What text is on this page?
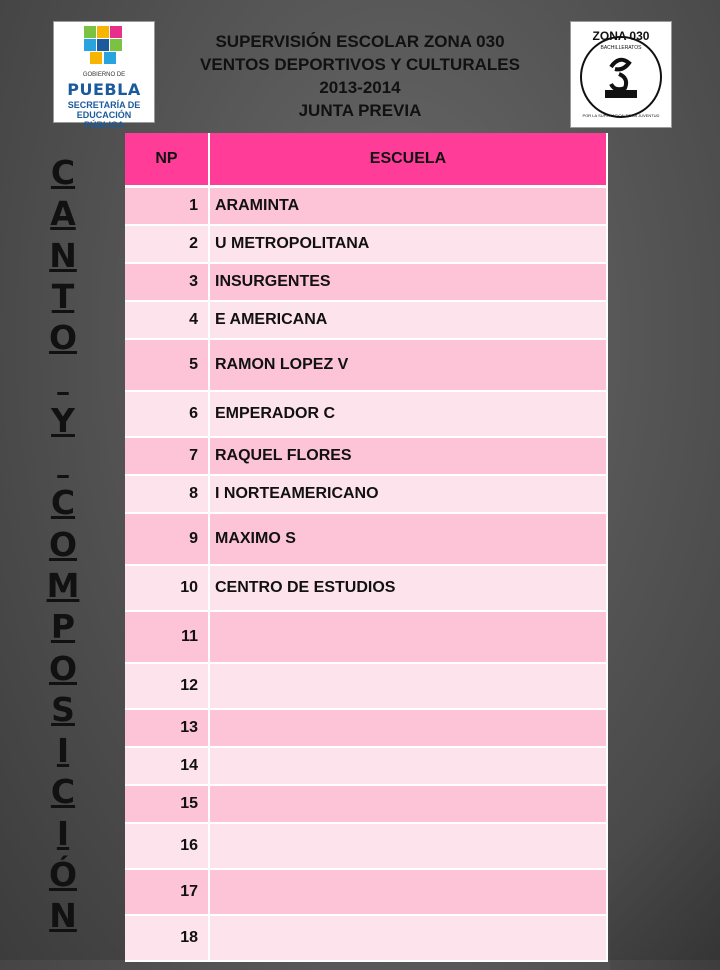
GOBIERNO DE
PUEBLA
SECRETARÍA DE
EDUCACIÓN PÚBLICA
ZONA 030
BACHILLERATOS
POR LA SUPERACION DE LA JUVENTUD
SUPERVISIÓN ESCOLAR ZONA 030
VENTOS DEPORTIVOS Y CULTURALES
2013-2014
JUNTA PREVIA
C
A
N
T
O

Y

C
O
M
P
O
S
I
C
I
Ó
N
NP	ESCUELA
1	ARAMINTA
2	U METROPOLITANA
3	INSURGENTES
4	E AMERICANA
5	RAMON LOPEZ V
6	EMPERADOR C
7	RAQUEL FLORES
8	I NORTEAMERICANO
9	MAXIMO S
10	CENTRO DE ESTUDIOS
11	
12	
13	
14	
15	
16	
17	
18	
